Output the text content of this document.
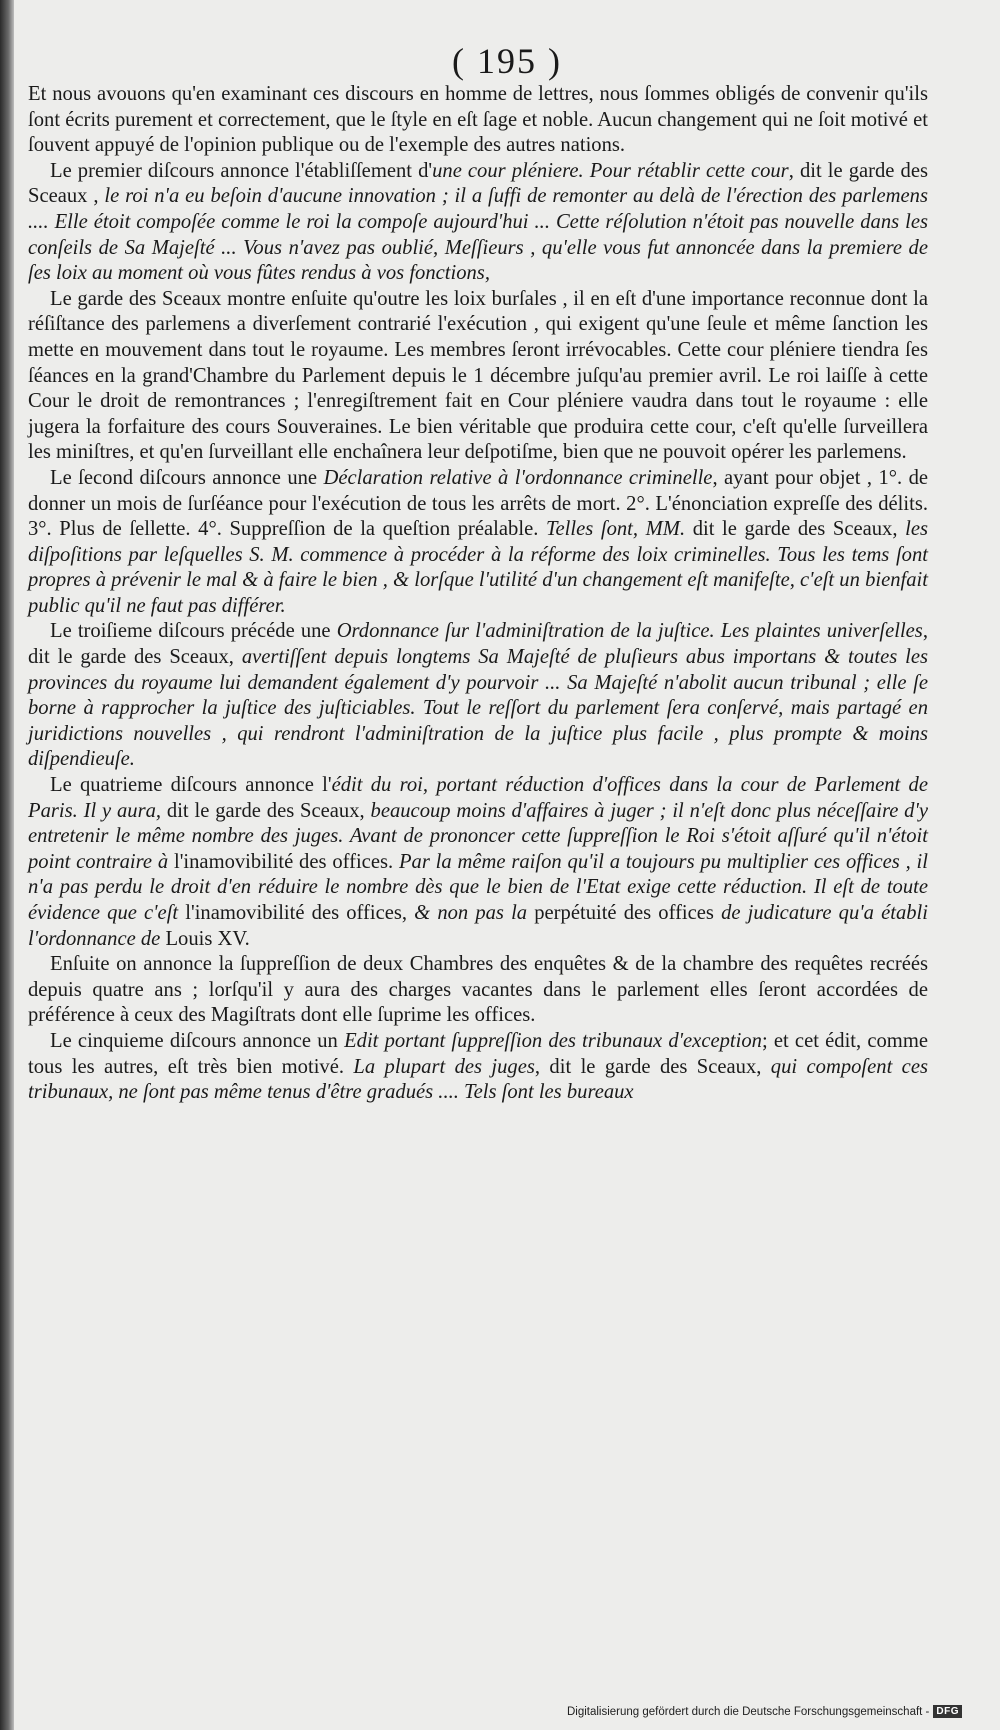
( 195 )

Et nous avouons qu'en examinant ces discours en homme de lettres, nous ſommes obligés de convenir qu'ils ſont écrits purement et correctement, que le ſtyle en eſt ſage et noble. Aucun changement qui ne ſoit motivé et ſouvent appuyé de l'opinion publique ou de l'exemple des autres nations.

Le premier diſcours annonce l'établiſſement d'une cour pléniere. Pour rétablir cette cour, dit le garde des Sceaux , le roi n'a eu beſoin d'aucune innovation ; il a ſuffi de remonter au delà de l'érection des parlemens .... Elle étoit compoſée comme le roi la compoſe aujourd'hui ... Cette réſolution n'étoit pas nouvelle dans les conſeils de Sa Majeſté ... Vous n'avez pas oublié, Meſſieurs , qu'elle vous fut annoncée dans la premiere de ſes loix au moment où vous fûtes rendus à vos fonctions,

Le garde des Sceaux montre enſuite qu'outre les loix burſales , il en eſt d'une importance reconnue dont la réſiſtance des parlemens a diverſement contrarié l'exécution , qui exigent qu'une ſeule et même ſanction les mette en mouvement dans tout le royaume. Les membres ſeront irrévocables. Cette cour pléniere tiendra ſes ſéances en la grand'Chambre du Parlement depuis le 1 décembre juſqu'au premier avril. Le roi laiſſe à cette Cour le droit de remontrances ; l'enregiſtrement fait en Cour pléniere vaudra dans tout le royaume : elle jugera la forfaiture des cours Souveraines. Le bien véritable que produira cette cour, c'eſt qu'elle ſurveillera les miniſtres, et qu'en ſurveillant elle enchaînera leur deſpotiſme, bien que ne pouvoit opérer les parlemens.

Le ſecond diſcours annonce une Déclaration relative à l'ordonnance criminelle, ayant pour objet , 1°. de donner un mois de ſurſéance pour l'exécution de tous les arrêts de mort. 2°. L'énonciation expreſſe des délits. 3°. Plus de ſellette. 4°. Suppreſſion de la queſtion préalable. Telles ſont, MM. dit le garde des Sceaux, les diſpoſitions par leſquelles S. M. commence à procéder à la réforme des loix criminelles. Tous les tems ſont propres à prévenir le mal & à faire le bien , & lorſque l'utilité d'un changement eſt manifeſte, c'eſt un bienfait public qu'il ne faut pas différer.

Le troiſieme diſcours précéde une Ordonnance ſur l'adminiſtration de la juſtice. Les plaintes univerſelles, dit le garde des Sceaux, avertiſſent depuis longtems Sa Majeſté de pluſieurs abus importans & toutes les provinces du royaume lui demandent également d'y pourvoir ... Sa Majeſté n'abolit aucun tribunal ; elle ſe borne à rapprocher la juſtice des juſticiables. Tout le reſſort du parlement ſera conſervé, mais partagé en juridictions nouvelles , qui rendront l'adminiſtration de la juſtice plus facile , plus prompte & moins diſpendieuſe.

Le quatrieme diſcours annonce l'édit du roi, portant réduction d'offices dans la cour de Parlement de Paris. Il y aura, dit le garde des Sceaux, beaucoup moins d'affaires à juger ; il n'eſt donc plus néceſſaire d'y entretenir le même nombre des juges. Avant de prononcer cette ſuppreſſion le Roi s'étoit aſſuré qu'il n'étoit point contraire à l'inamovibilité des offices. Par la même raiſon qu'il a toujours pu multiplier ces offices , il n'a pas perdu le droit d'en réduire le nombre dès que le bien de l'Etat exige cette réduction. Il eſt de toute évidence que c'eſt l'inamovibilité des offices, & non pas la perpétuité des offices de judicature qu'a établi l'ordonnance de Louis XV.

Enſuite on annonce la ſuppreſſion de deux Chambres des enquêtes & de la chambre des requêtes recréés depuis quatre ans ; lorſqu'il y aura des charges vacantes dans le parlement elles ſeront accordées de préférence à ceux des Magiſtrats dont elle ſuprime les offices.

Le cinquieme diſcours annonce un Edit portant ſuppreſſion des tribunaux d'exception; et cet édit, comme tous les autres, eſt très bien motivé. La plupart des juges, dit le garde des Sceaux, qui compoſent ces tribunaux, ne ſont pas même tenus d'être gradués .... Tels ſont les bureaux

Digitalisierung gefördert durch die Deutsche Forschungsgemeinschaft - DFG
